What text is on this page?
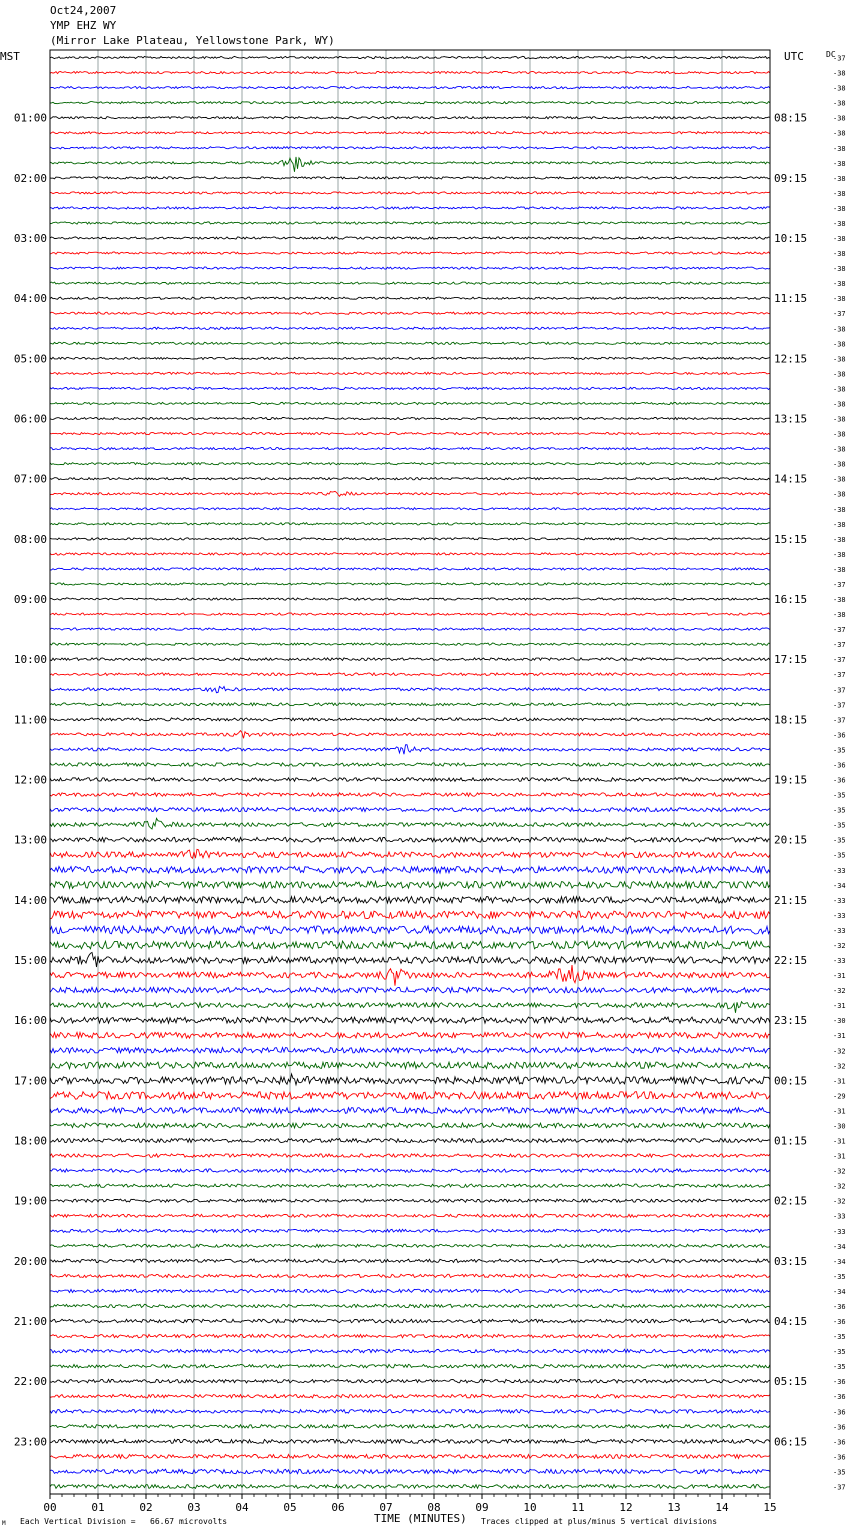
00	01	02	03	04	05	06	07	08	09	10	11	12	13	14	15
01:00
02:00
03:00
04:00
05:00
06:00
07:00
08:00
09:00
10:00
11:00
12:00
13:00
14:00
15:00
16:00
17:00
18:00
19:00
20:00
21:00
22:00
23:00
08:15
09:15
10:15
11:15
12:15
13:15
14:15
15:15
16:15
17:15
18:15
19:15
20:15
21:15
22:15
23:15
00:15
01:15
02:15
03:15
04:15
05:15
06:15
-37
-38
-38
-38
-38
-38
-38
-38
-38
-38
-38
-38
-38
-38
-38
-38
-38
-37
-38
-38
-38
-38
-38
-38
-38
-38
-38
-38
-38
-38
-38
-38
-38
-38
-38
-37
-38
-38
-37
-37
-37
-37
-37
-37
-37
-36
-35
-36
-36
-35
-35
-35
-35
-35
-33
-34
-33
-33
-33
-32
-33
-31
-32
-31
-30
-31
-32
-32
-31
-29
-31
-30
-31
-31
-32
-32
-32
-33
-33
-34
-34
-35
-34
-36
-36
-35
-35
-35
-36
-36
-36
-36
-36
-36
-35
-37
Oct24,2007
YMP EHZ WY
(Mirror Lake Plateau, Yellowstone Park, WY)
MST	UTC	DC
TIME (MINUTES)
Each Vertical Division =   66.67 microvolts	Traces clipped at plus/minus 5 vertical divisions
M
